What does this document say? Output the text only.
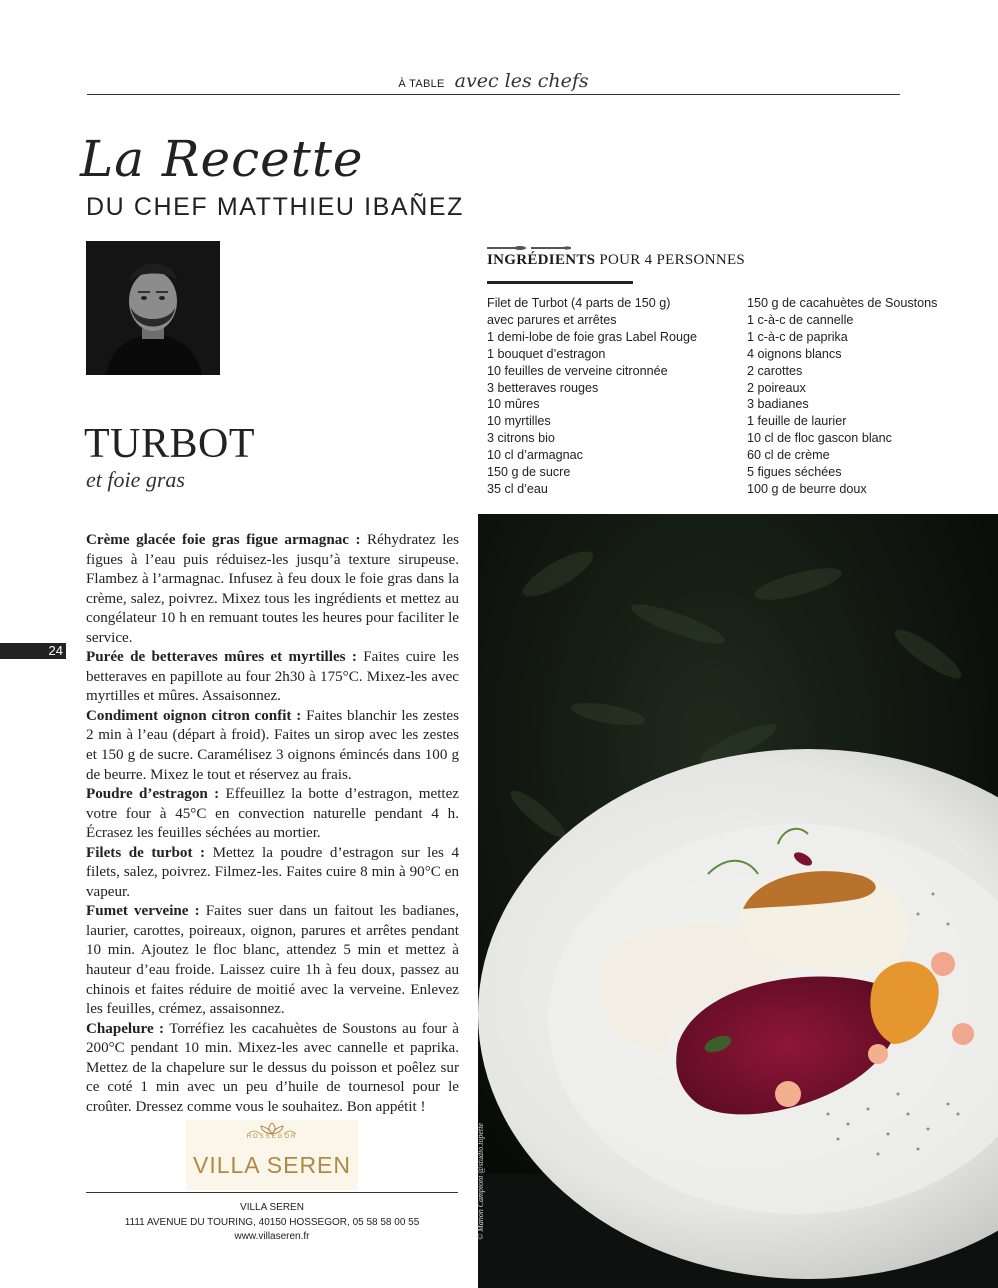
À TABLE avec les chefs
La Recette
DU CHEF MATTHIEU IBAÑEZ
TURBOT
et foie gras
INGRÉDIENTS POUR 4 PERSONNES
Filet de Turbot (4 parts de 150 g)
avec parures et arrêtes
1 demi-lobe de foie gras Label Rouge
1 bouquet d’estragon
10 feuilles de verveine citronnée
3 betteraves rouges
10 mûres
10 myrtilles
3 citrons bio
10 cl d’armagnac
150 g de sucre
35 cl d’eau
150 g de cacahuètes de Soustons
1 c-à-c de cannelle
1 c-à-c de paprika
4 oignons blancs
2 carottes
2 poireaux
3 badianes
1 feuille de laurier
10 cl de floc gascon blanc
60 cl de crème
5 figues séchées
100 g de beurre doux

Crème glacée foie gras figue armagnac : Réhydratez les figues à l’eau puis réduisez-les jusqu’à texture sirupeuse. Flambez à l’armagnac. Infusez à feu doux le foie gras dans la crème, salez, poivrez. Mixez tous les ingrédients et mettez au congélateur 10 h en remuant toutes les heures pour faciliter le service.

Purée de betteraves mûres et myrtilles : Faites cuire les betteraves en papillote au four 2h30 à 175°C. Mixez-les avec myrtilles et mûres. Assaisonnez.

Condiment oignon citron confit : Faites blanchir les zestes 2 min à l’eau (départ à froid). Faites un sirop avec les zestes et 150 g de sucre. Caramélisez 3 oignons émincés dans 100 g de beurre. Mixez le tout et réservez au frais.

Poudre d’estragon : Effeuillez la botte d’estragon, mettez votre four à 45°C en convection naturelle pendant 4 h. Écrasez les feuilles séchées au mortier.

Filets de turbot : Mettez la poudre d’estragon sur les 4 filets, salez, poivrez. Filmez-les. Faites cuire 8 min à 90°C en vapeur.

Fumet verveine : Faites suer dans un faitout les badianes, laurier, carottes, poireaux, oignon, parures et arrêtes pendant 10 min. Ajoutez le floc blanc, attendez 5 min et mettez à hauteur d’eau froide. Laissez cuire 1h à feu doux, passez au chinois et faites réduire de moitié avec la verveine. Enlevez les feuilles, crémez, assaisonnez.

Chapelure : Torréfiez les cacahuètes de Soustons au four à 200°C pendant 10 min. Mixez-les avec cannelle et paprika. Mettez de la chapelure sur le dessus du poisson et poêlez sur ce coté 1 min avec un peu d’huile de tournesol pour le croûter. Dressez comme vous le souhaitez. Bon appétit !

24
HOSSEGOR
VILLA SEREN
VILLA SEREN
1111 AVENUE DU TOURING, 40150 HOSSEGOR, 05 58 58 00 55
www.villaseren.fr	© Manon Campioni @studio.topette
